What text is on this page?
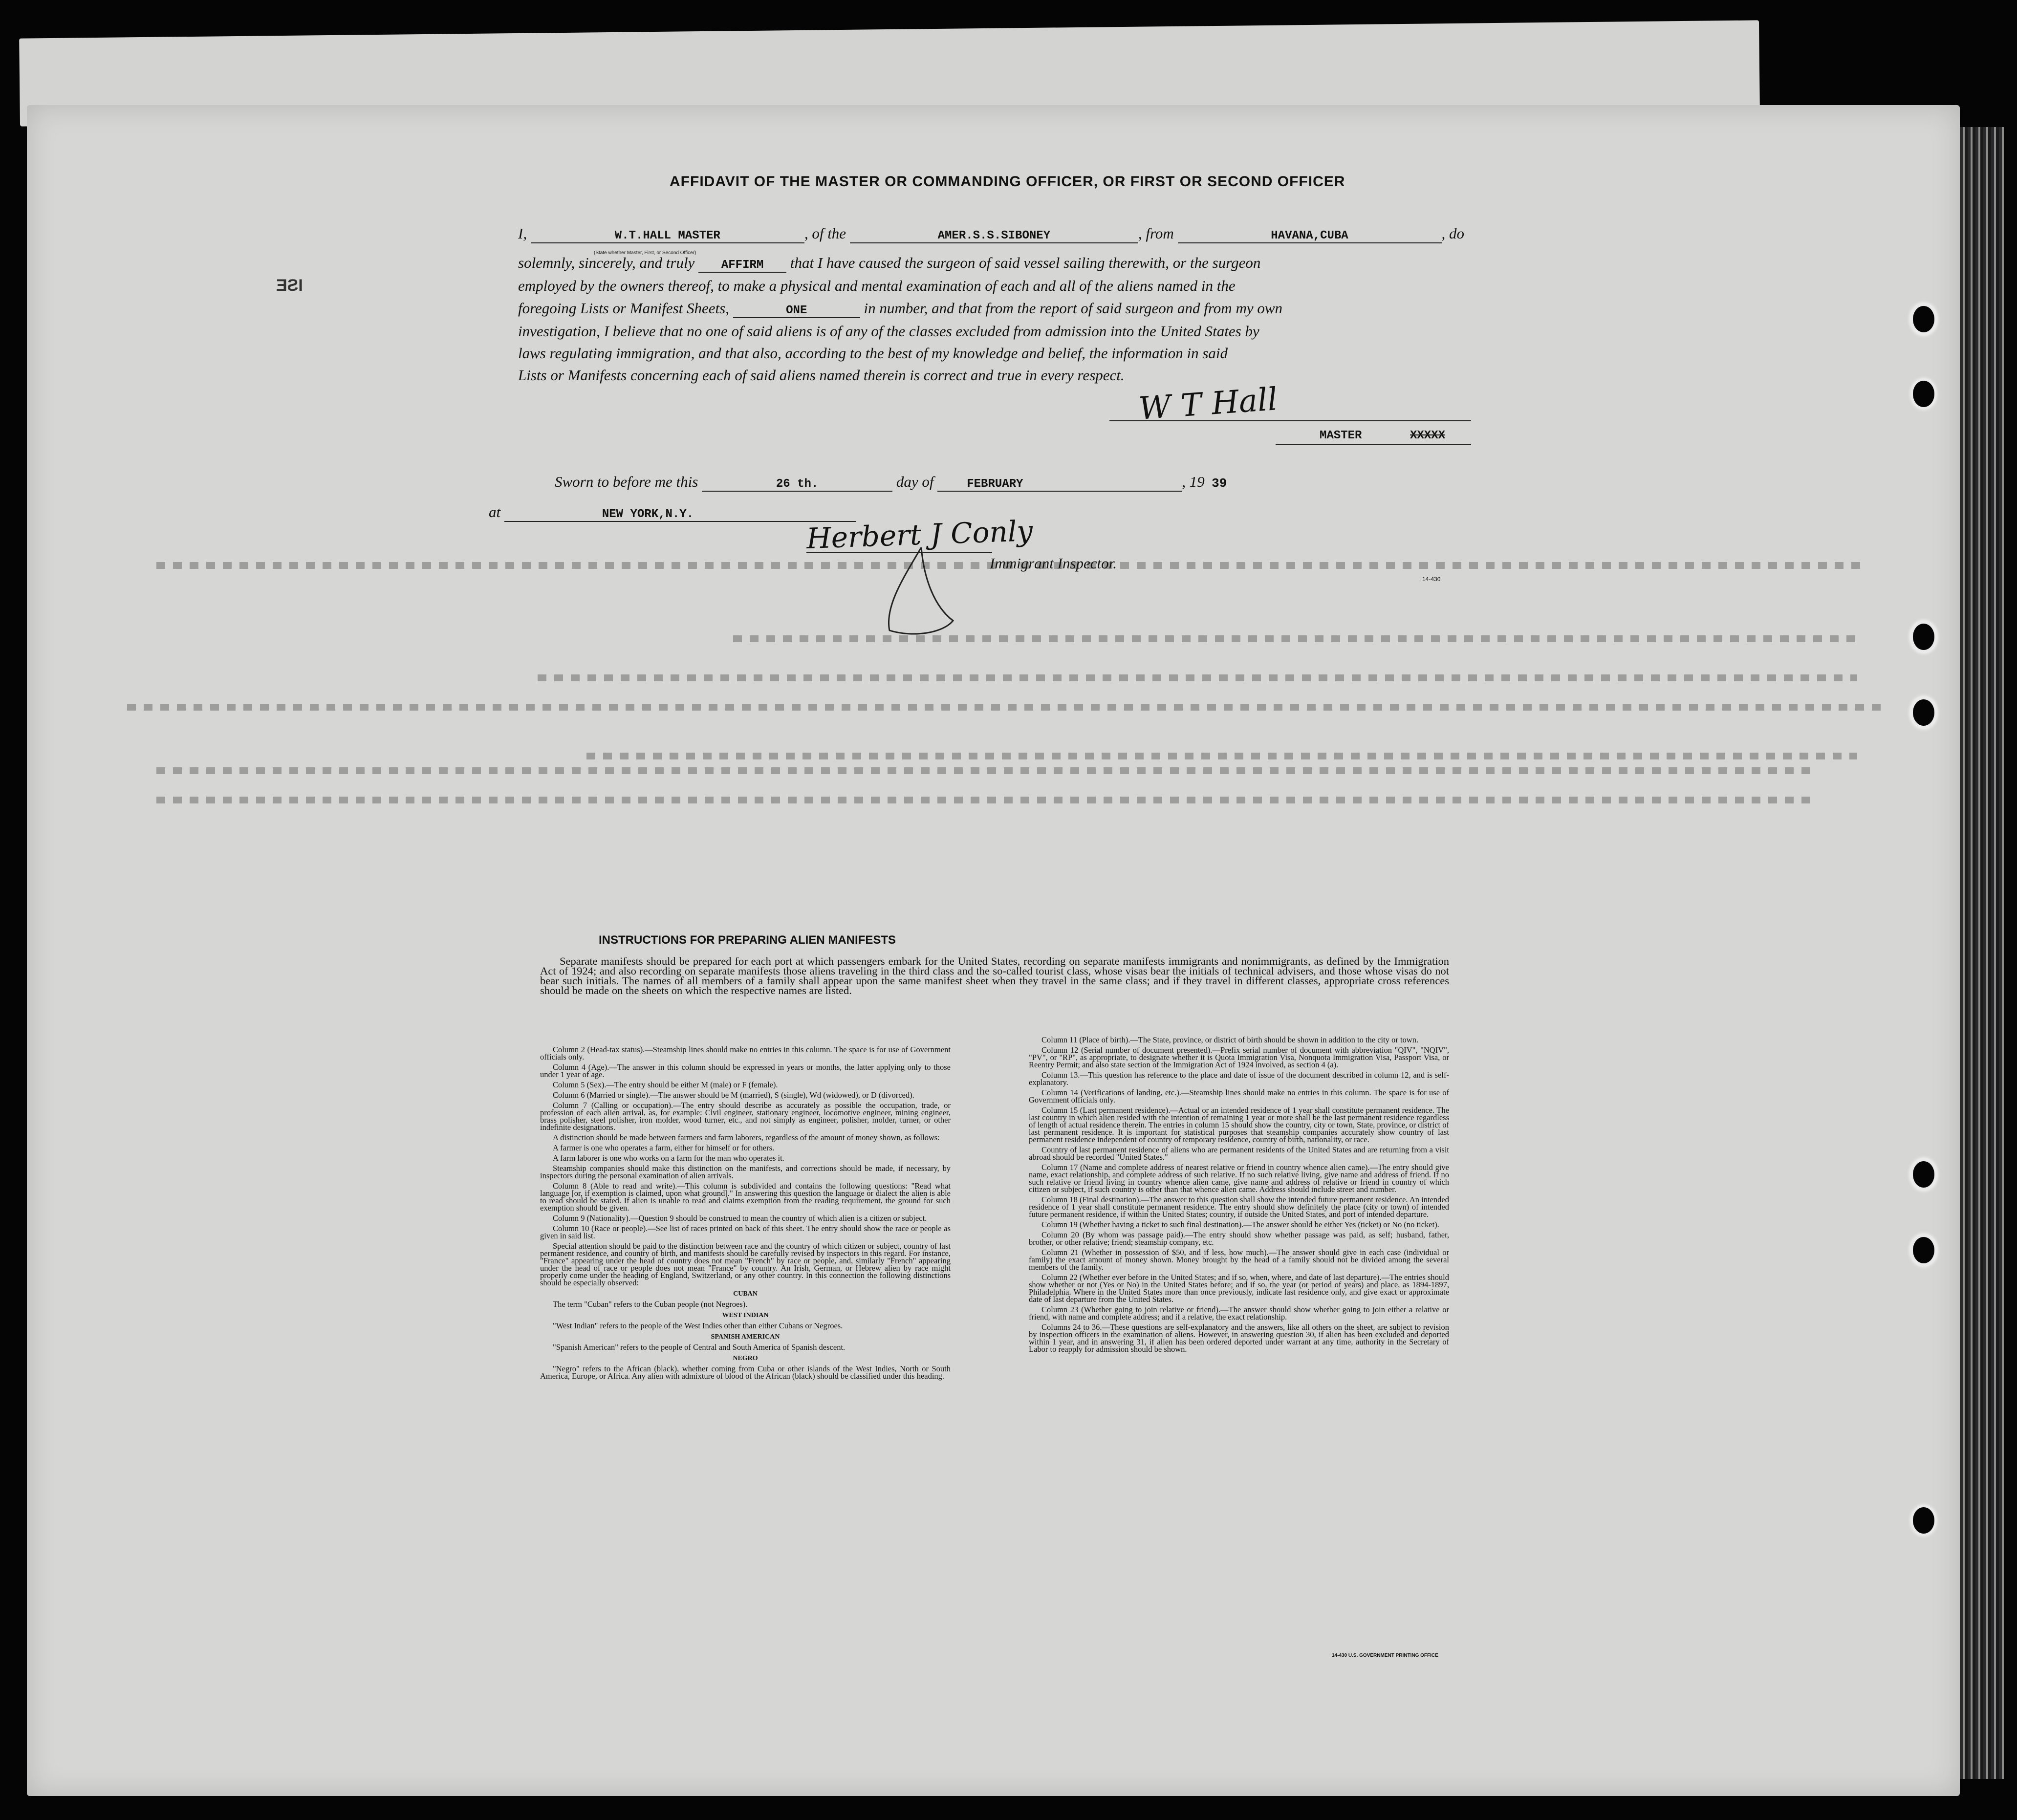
ƎƧI
AFFIDAVIT OF THE MASTER OR COMMANDING OFFICER, OR FIRST OR SECOND OFFICER
I,	W.T.HALL MASTER	, of the	AMER.S.S.SIBONEY	, from	HAVANA,CUBA	, do
(State whether Master, First, or Second Officer)
solemnly, sincerely, and truly AFFIRM that I have caused the surgeon of said vessel sailing therewith, or the surgeon
employed by the owners thereof, to make a physical and mental examination of each and all of the aliens named in the
foregoing Lists or Manifest Sheets,	ONE	in number, and that from the report of said surgeon and from my own
investigation, I believe that no one of said aliens is of any of the classes excluded from admission into the United States by
laws regulating immigration, and that also, according to the best of my knowledge and belief, the information in said
Lists or Manifests concerning each of said aliens named therein is correct and true in every respect.
W T Hall
MASTER	XXXXX
Sworn to before me this	26 th.	day of	FEBRUARY	, 19 39
at	NEW YORK,N.Y.	Herbert J Conly
Immigrant Inspector.
14-430
INSTRUCTIONS FOR PREPARING ALIEN MANIFESTS
Separate manifests should be prepared for each port at which passengers embark for the United States, recording on separate manifests immigrants and nonimmigrants, as defined by the Immigration Act of 1924; and also recording on separate manifests those aliens traveling in the third class and the so-called tourist class, whose visas bear the initials of technical advisers, and those whose visas do not bear such initials. The names of all members of a family shall appear upon the same manifest sheet when they travel in the same class; and if they travel in different classes, appropriate cross references should be made on the sheets on which the respective names are listed.

Column 2 (Head-tax status).—Steamship lines should make no entries in this column. The space is for use of Government officials only.

Column 4 (Age).—The answer in this column should be expressed in years or months, the latter applying only to those under 1 year of age.

Column 5 (Sex).—The entry should be either M (male) or F (female).

Column 6 (Married or single).—The answer should be M (married), S (single), Wd (widowed), or D (divorced).

Column 7 (Calling or occupation).—The entry should describe as accurately as possible the occupation, trade, or profession of each alien arrival, as, for example: Civil engineer, stationary engineer, locomotive engineer, mining engineer, brass polisher, steel polisher, iron molder, wood turner, etc., and not simply as engineer, polisher, molder, turner, or other indefinite designations.

A distinction should be made between farmers and farm laborers, regardless of the amount of money shown, as follows:

A farmer is one who operates a farm, either for himself or for others.

A farm laborer is one who works on a farm for the man who operates it.

Steamship companies should make this distinction on the manifests, and corrections should be made, if necessary, by inspectors during the personal examination of alien arrivals.

Column 8 (Able to read and write).—This column is subdivided and contains the following questions: "Read what language [or, if exemption is claimed, upon what ground]." In answering this question the language or dialect the alien is able to read should be stated. If alien is unable to read and claims exemption from the reading requirement, the ground for such exemption should be given.

Column 9 (Nationality).—Question 9 should be construed to mean the country of which alien is a citizen or subject.

Column 10 (Race or people).—See list of races printed on back of this sheet. The entry should show the race or people as given in said list.

Special attention should be paid to the distinction between race and the country of which citizen or subject, country of last permanent residence, and country of birth, and manifests should be carefully revised by inspectors in this regard. For instance, "France" appearing under the head of country does not mean "French" by race or people, and, similarly "French" appearing under the head of race or people does not mean "France" by country. An Irish, German, or Hebrew alien by race might properly come under the heading of England, Switzerland, or any other country. In this connection the following distinctions should be especially observed:

CUBAN

The term "Cuban" refers to the Cuban people (not Negroes).

WEST INDIAN

"West Indian" refers to the people of the West Indies other than either Cubans or Negroes.

SPANISH AMERICAN

"Spanish American" refers to the people of Central and South America of Spanish descent.

NEGRO

"Negro" refers to the African (black), whether coming from Cuba or other islands of the West Indies, North or South America, Europe, or Africa. Any alien with admixture of blood of the African (black) should be classified under this heading.

Column 11 (Place of birth).—The State, province, or district of birth should be shown in addition to the city or town.

Column 12 (Serial number of document presented).—Prefix serial number of document with abbreviation "QIV", "NQIV", "PV", or "RP", as appropriate, to designate whether it is Quota Immigration Visa, Nonquota Immigration Visa, Passport Visa, or Reentry Permit; and also state section of the Immigration Act of 1924 involved, as section 4 (a).

Column 13.—This question has reference to the place and date of issue of the document described in column 12, and is self-explanatory.

Column 14 (Verifications of landing, etc.).—Steamship lines should make no entries in this column. The space is for use of Government officials only.

Column 15 (Last permanent residence).—Actual or an intended residence of 1 year shall constitute permanent residence. The last country in which alien resided with the intention of remaining 1 year or more shall be the last permanent residence regardless of length of actual residence therein. The entries in column 15 should show the country, city or town, State, province, or district of last permanent residence. It is important for statistical purposes that steamship companies accurately show country of last permanent residence independent of country of temporary residence, country of birth, nationality, or race.

Country of last permanent residence of aliens who are permanent residents of the United States and are returning from a visit abroad should be recorded "United States."

Column 17 (Name and complete address of nearest relative or friend in country whence alien came).—The entry should give name, exact relationship, and complete address of such relative. If no such relative living, give name and address of friend. If no such relative or friend living in country whence alien came, give name and address of relative or friend in country of which citizen or subject, if such country is other than that whence alien came. Address should include street and number.

Column 18 (Final destination).—The answer to this question shall show the intended future permanent residence. An intended residence of 1 year shall constitute permanent residence. The entry should show definitely the place (city or town) of intended future permanent residence, if within the United States; country, if outside the United States, and port of intended departure.

Column 19 (Whether having a ticket to such final destination).—The answer should be either Yes (ticket) or No (no ticket).

Column 20 (By whom was passage paid).—The entry should show whether passage was paid, as self; husband, father, brother, or other relative; friend; steamship company, etc.

Column 21 (Whether in possession of $50, and if less, how much).—The answer should give in each case (individual or family) the exact amount of money shown. Money brought by the head of a family should not be divided among the several members of the family.

Column 22 (Whether ever before in the United States; and if so, when, where, and date of last departure).—The entries should show whether or not (Yes or No) in the United States before; and if so, the year (or period of years) and place, as 1894-1897, Philadelphia. Where in the United States more than once previously, indicate last residence only, and give exact or approximate date of last departure from the United States.

Column 23 (Whether going to join relative or friend).—The answer should show whether going to join either a relative or friend, with name and complete address; and if a relative, the exact relationship.

Columns 24 to 36.—These questions are self-explanatory and the answers, like all others on the sheet, are subject to revision by inspection officers in the examination of aliens. However, in answering question 30, if alien has been excluded and deported within 1 year, and in answering 31, if alien has been ordered deported under warrant at any time, authority in the Secretary of Labor to reapply for admission should be shown.

14-430 U.S. GOVERNMENT PRINTING OFFICE
